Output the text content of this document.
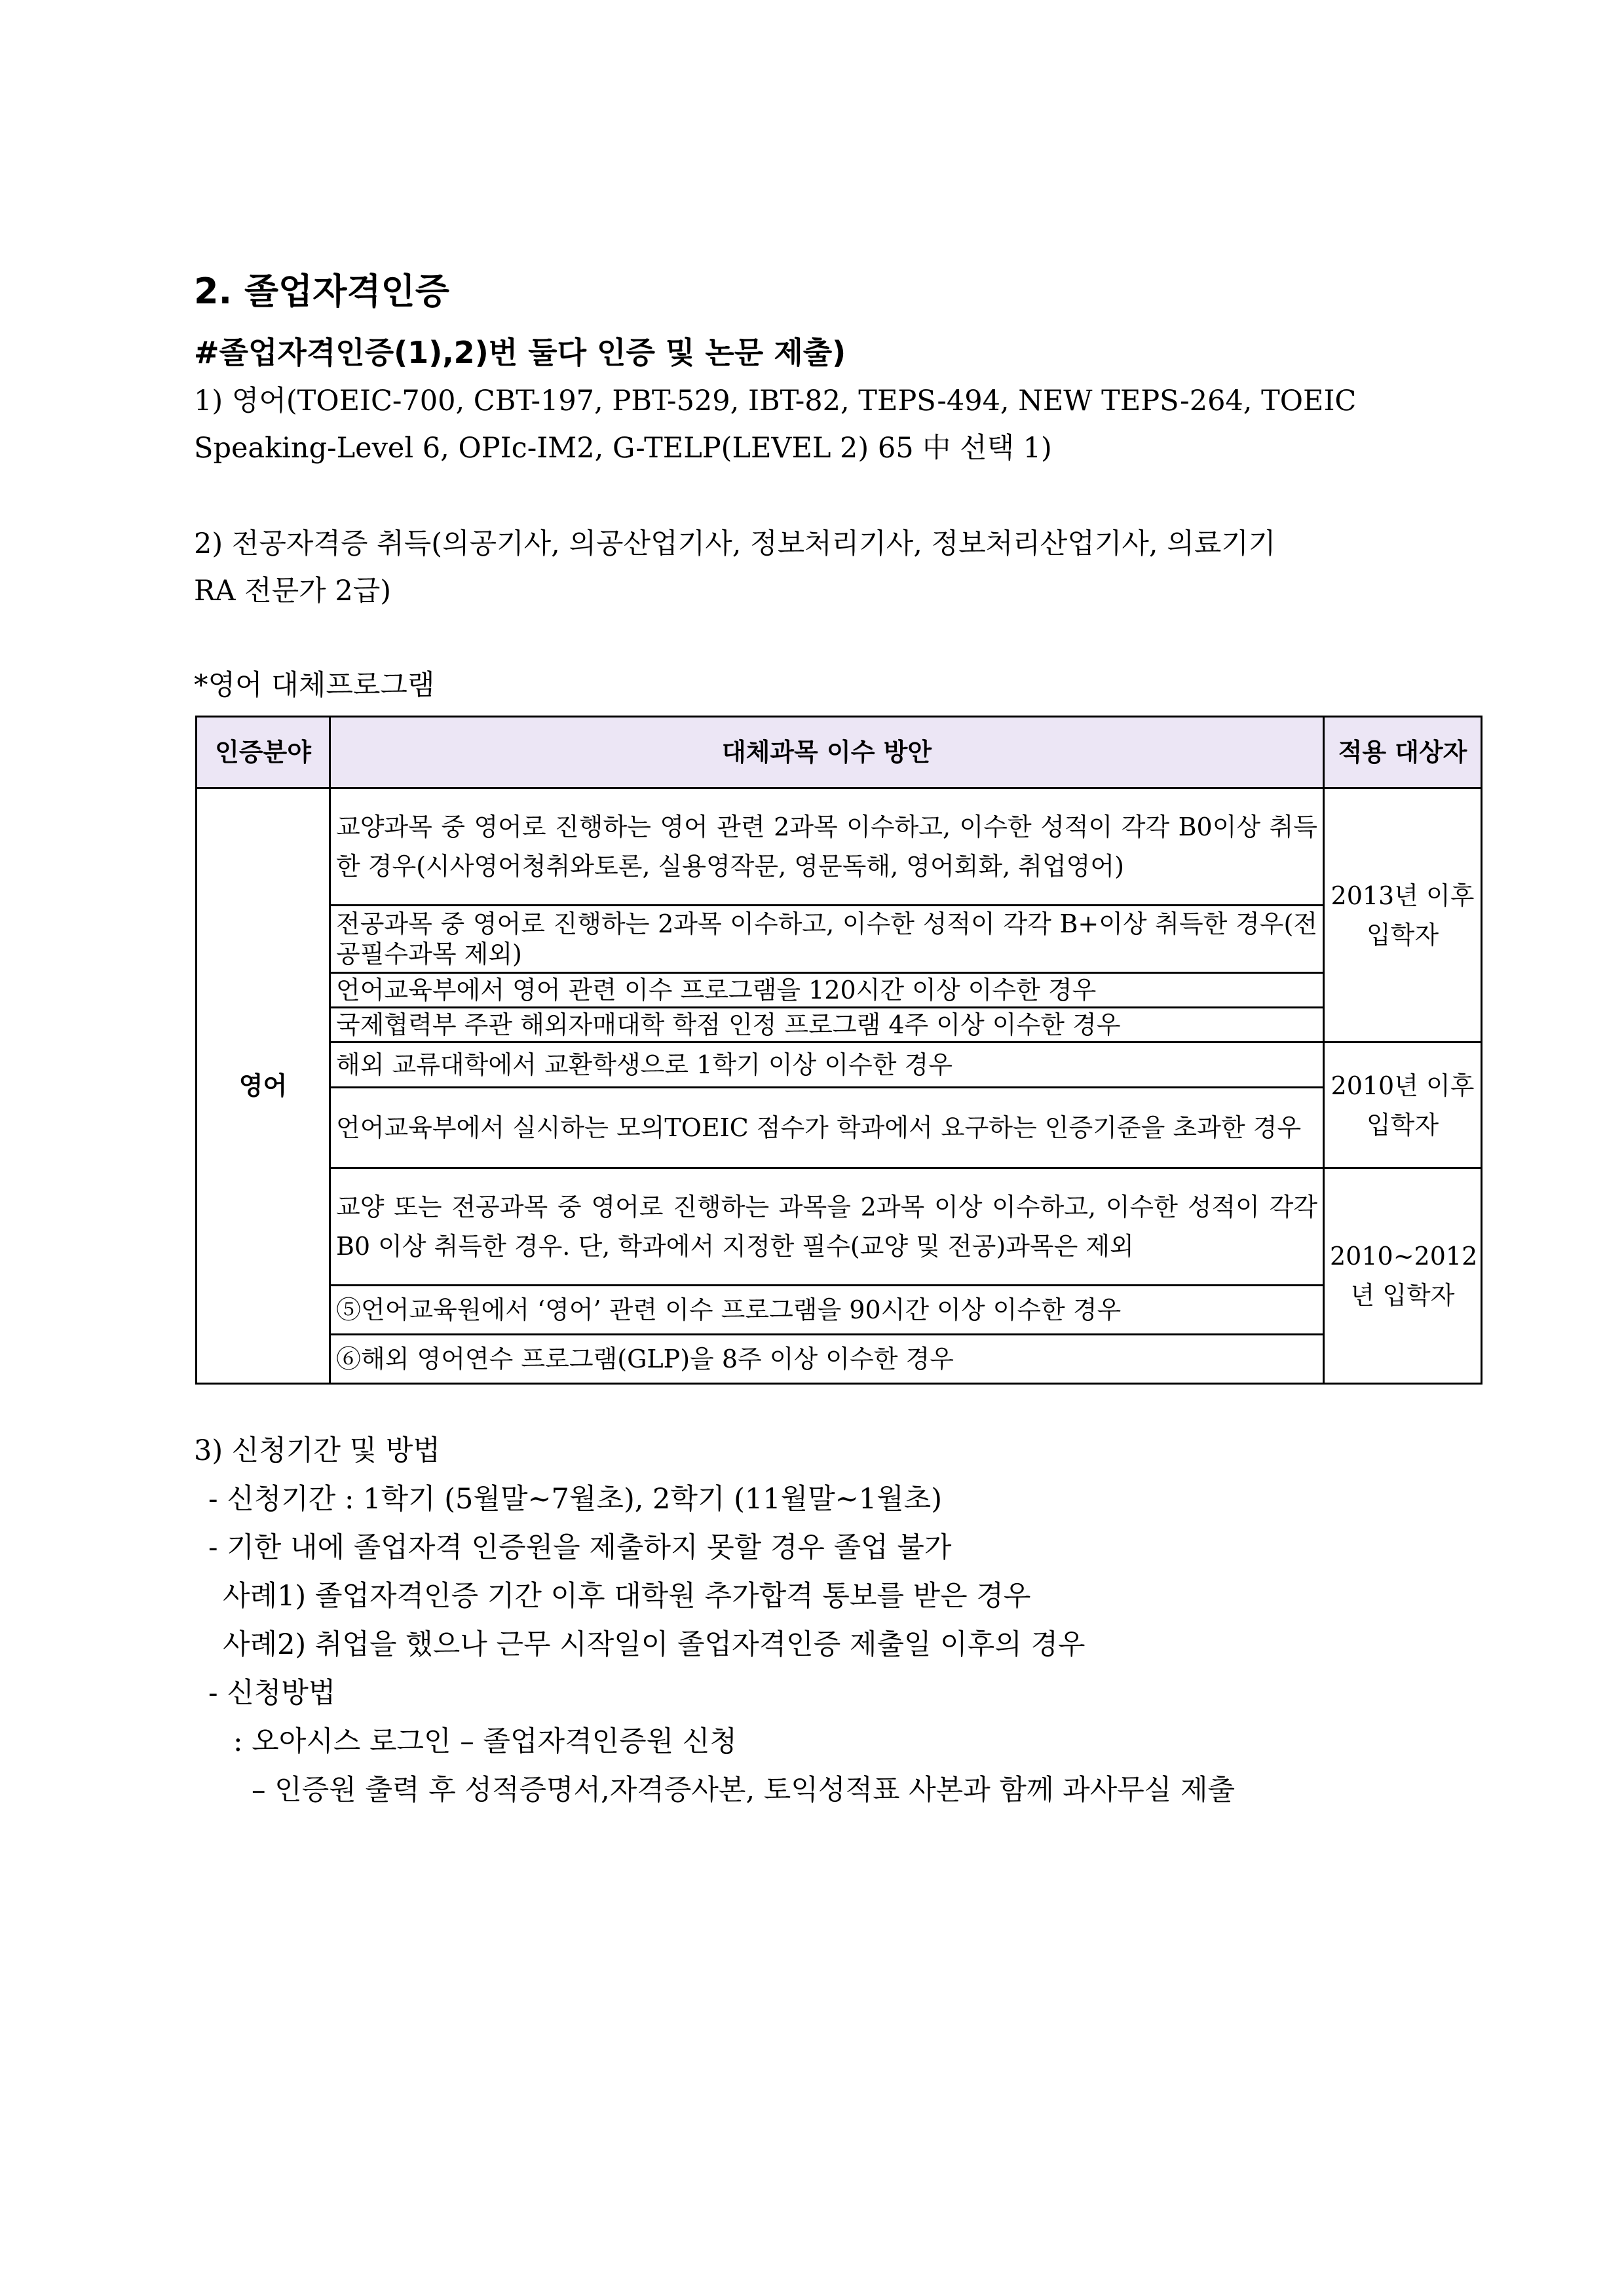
2. 졸업자격인증
#졸업자격인증(1),2)번 둘다 인증 및 논문 제출)
1) 영어(TOEIC-700, CBT-197, PBT-529, IBT-82, TEPS-494, NEW TEPS-264, TOEIC
Speaking-Level 6, OPIc-IM2, G-TELP(LEVEL 2) 65 中 선택 1)
2) 전공자격증 취득(의공기사, 의공산업기사, 정보처리기사, 정보처리산업기사, 의료기기
RA 전문가 2급)
*영어 대체프로그램
인증분야	대체과목 이수 방안	적용 대상자
영어	교양과목 중 영어로 진행하는 영어 관련 2과목 이수하고, 이수한 성적이 각각 B0이상 취득한 경우(시사영어청취와토론, 실용영작문, 영문독해, 영어회화, 취업영어)	2013년 이후 입학자
	전공과목 중 영어로 진행하는 2과목 이수하고, 이수한 성적이 각각 B+이상 취득한 경우(전공필수과목 제외)	
	언어교육부에서 영어 관련 이수 프로그램을 120시간 이상 이수한 경우	
	국제협력부 주관 해외자매대학 학점 인정 프로그램 4주 이상 이수한 경우	
	해외 교류대학에서 교환학생으로 1학기 이상 이수한 경우	2010년 이후 입학자
	언어교육부에서 실시하는 모의TOEIC 점수가 학과에서 요구하는 인증기준을 초과한 경우	
	교양 또는 전공과목 중 영어로 진행하는 과목을 2과목 이상 이수하고, 이수한 성적이 각각 B0 이상 취득한 경우. 단, 학과에서 지정한 필수(교양 및 전공)과목은 제외	2010~2012년 입학자
	⑤언어교육원에서 ‘영어’ 관련 이수 프로그램을 90시간 이상 이수한 경우	
	⑥해외 영어연수 프로그램(GLP)을 8주 이상 이수한 경우	
3) 신청기간 및 방법
- 신청기간 : 1학기 (5월말~7월초), 2학기 (11월말~1월초)
- 기한 내에 졸업자격 인증원을 제출하지 못할 경우 졸업 불가
사례1) 졸업자격인증 기간 이후 대학원 추가합격 통보를 받은 경우
사례2) 취업을 했으나 근무 시작일이 졸업자격인증 제출일 이후의 경우
- 신청방법
: 오아시스 로그인 – 졸업자격인증원 신청
– 인증원 출력 후 성적증명서,자격증사본, 토익성적표 사본과 함께 과사무실 제출
